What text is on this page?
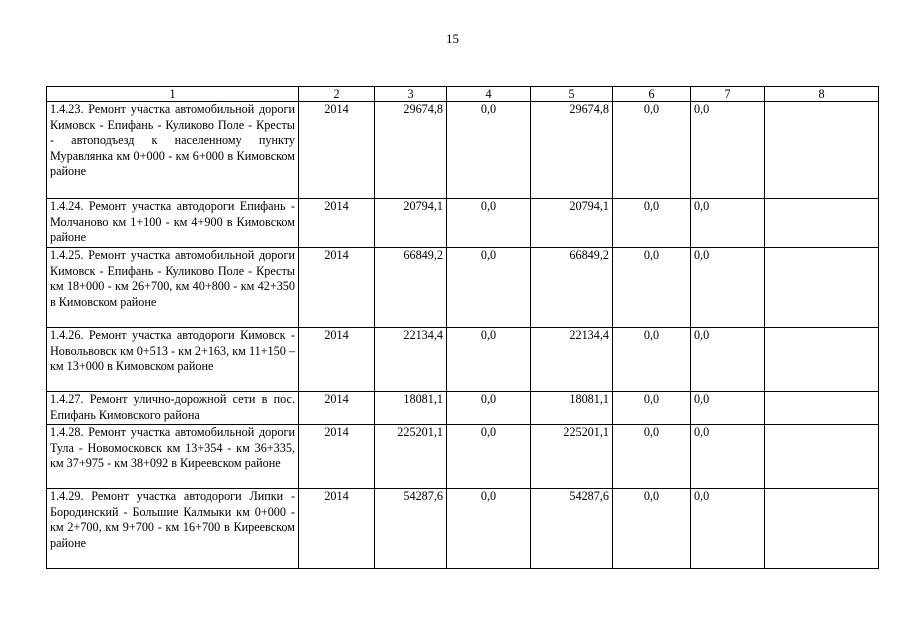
15
1	2	3	4	5	6	7	8
1.4.23. Ремонт участка автомобильной дороги Кимовск - Епифань - Куликово Поле - Кресты - автоподъезд к населенному пункту Муравлянка км 0+000 - км 6+000 в Кимовском районе	2014	29674,8	0,0	29674,8	0,0	0,0	
1.4.24. Ремонт участка автодороги Епифань - Молчаново км 1+100 - км 4+900 в Кимовском районе	2014	20794,1	0,0	20794,1	0,0	0,0	
1.4.25. Ремонт участка автомобильной дороги Кимовск - Епифань - Куликово Поле - Кресты км 18+000 - км 26+700, км 40+800 - км 42+350 в Кимовском районе	2014	66849,2	0,0	66849,2	0,0	0,0	
1.4.26. Ремонт участка автодороги Кимовск - Новольвовск км 0+513 - км 2+163, км 11+150 – км 13+000 в Кимовском районе	2014	22134,4	0,0	22134,4	0,0	0,0	
1.4.27. Ремонт улично-дорожной сети в пос. Епифань Кимовского района	2014	18081,1	0,0	18081,1	0,0	0,0	
1.4.28. Ремонт участка автомобильной дороги Тула - Новомосковск км 13+354 - км 36+335, км 37+975 - км 38+092 в Киреевском районе	2014	225201,1	0,0	225201,1	0,0	0,0	
1.4.29. Ремонт участка автодороги Липки - Бородинский - Большие Калмыки км 0+000 - км 2+700, км 9+700 - км 16+700 в Киреевском районе	2014	54287,6	0,0	54287,6	0,0	0,0	
